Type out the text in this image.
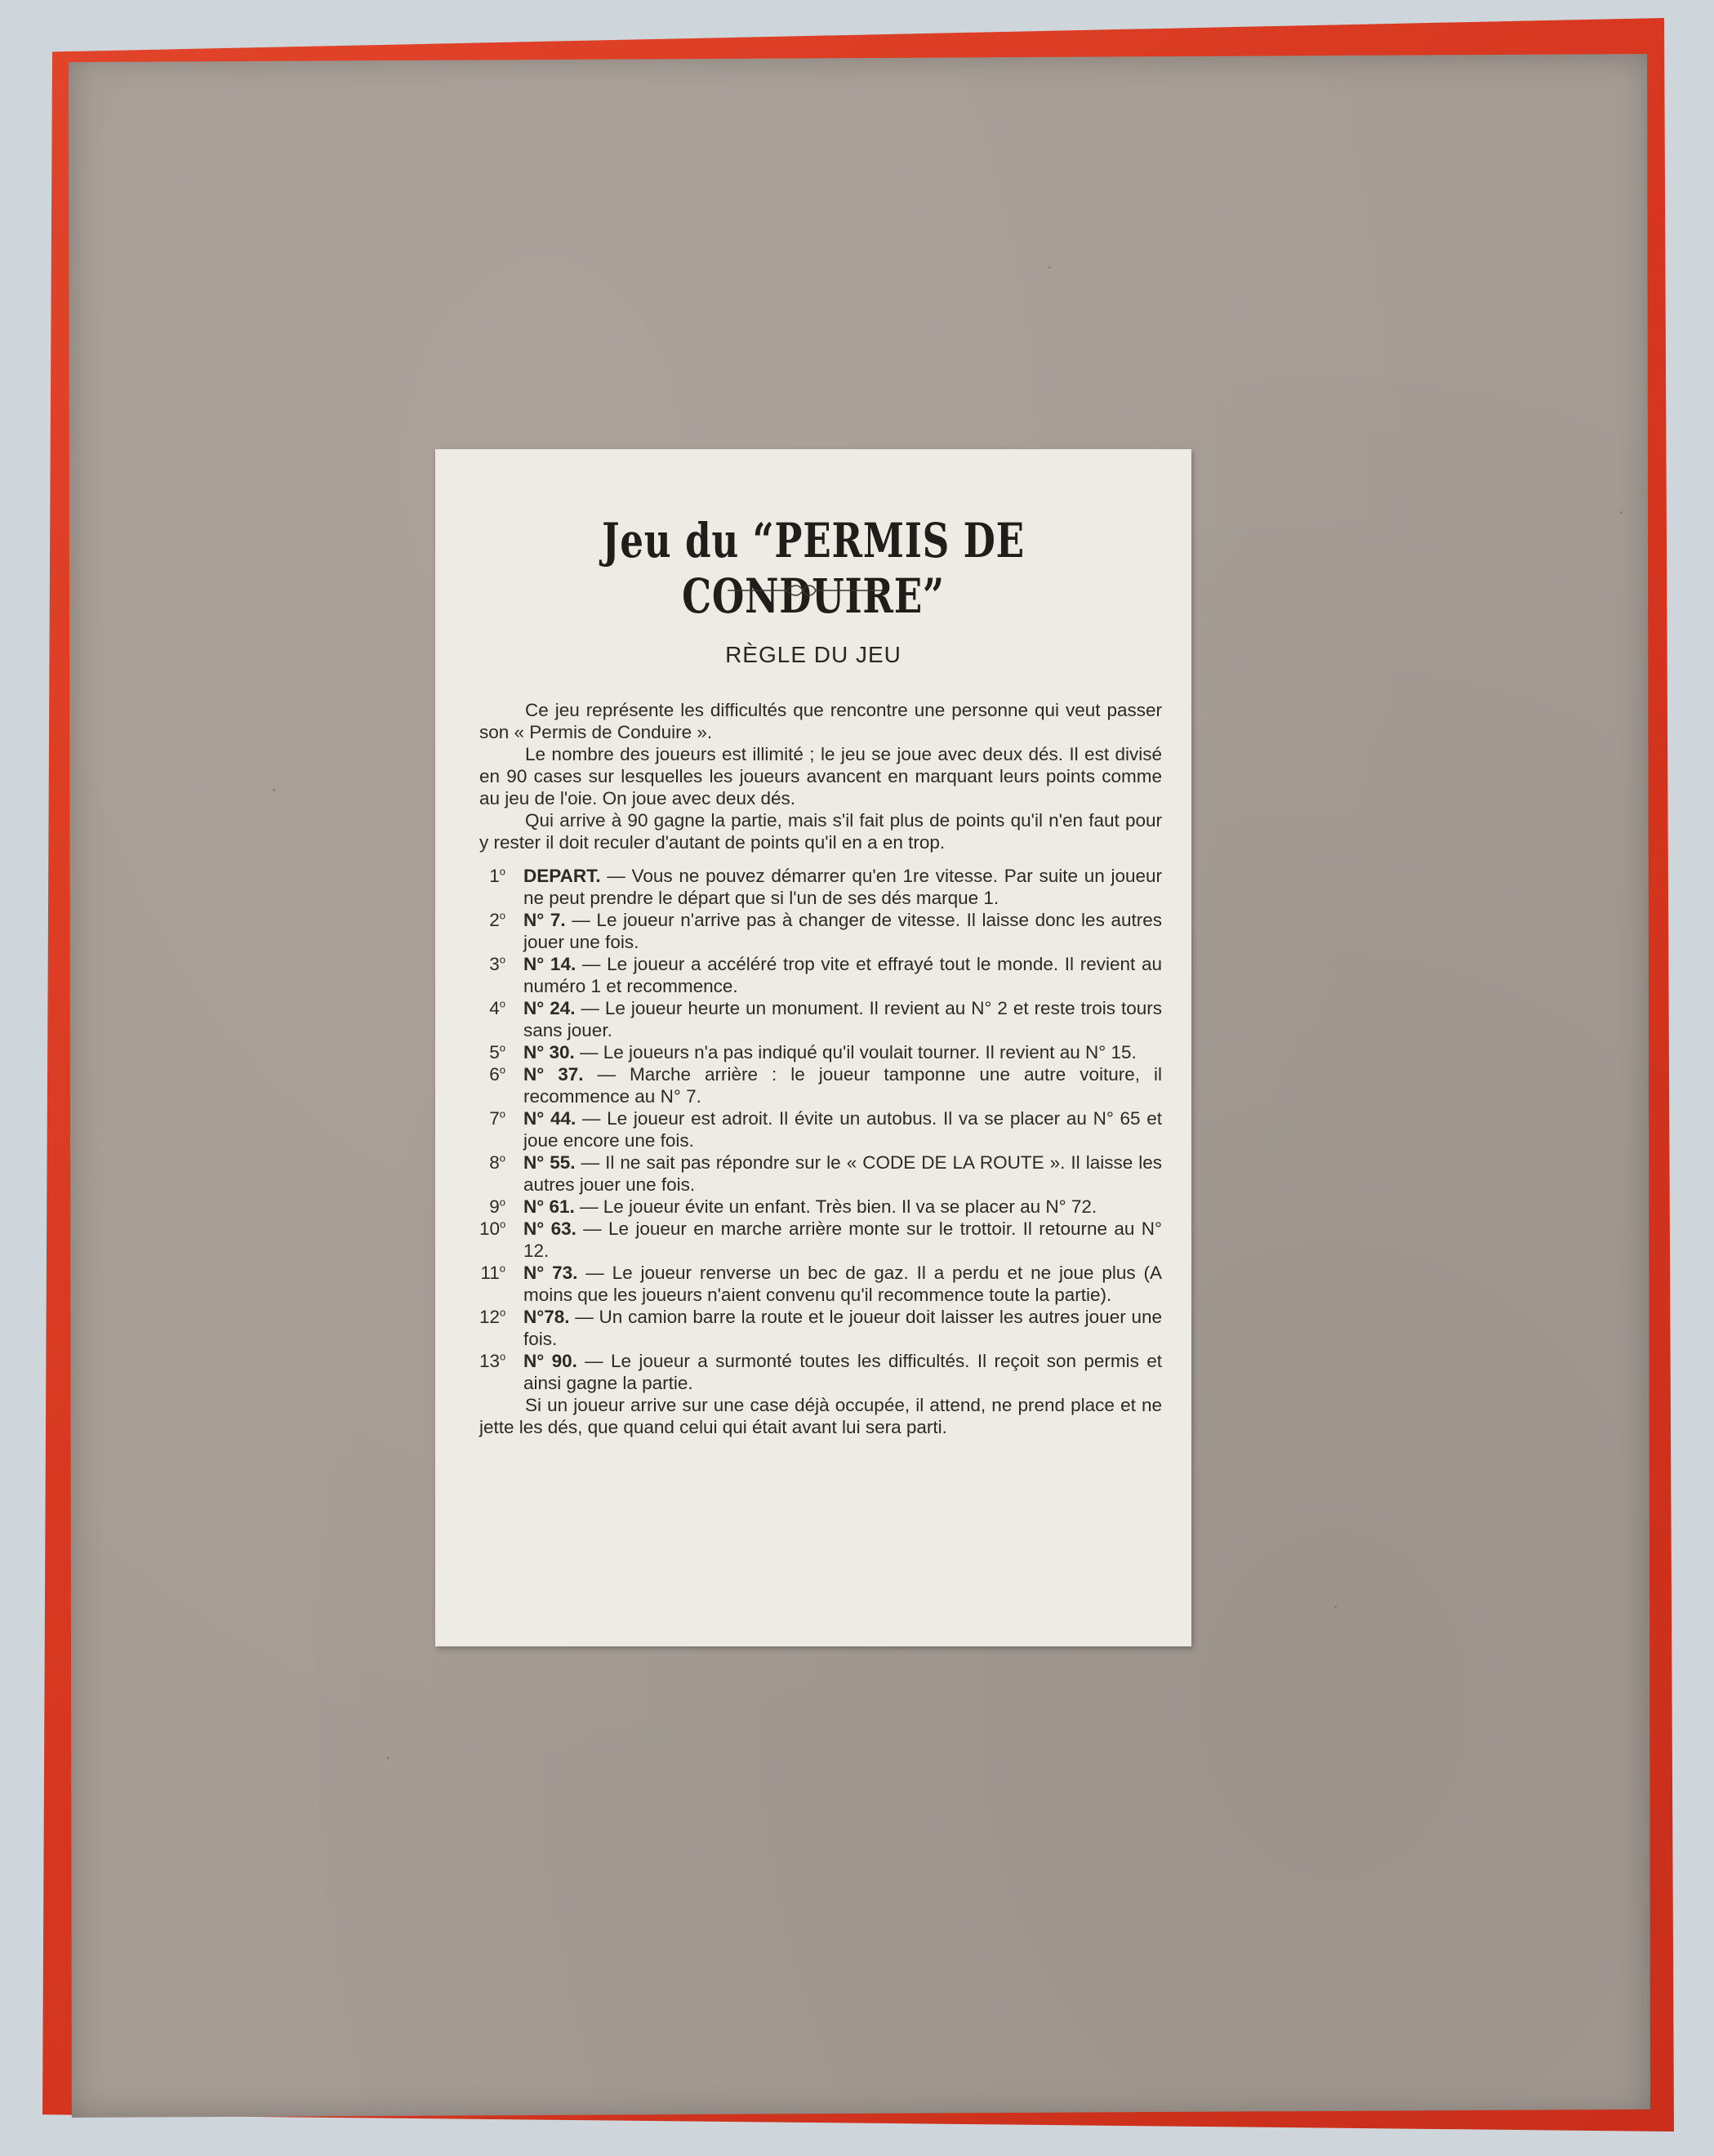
Jeu du “PERMIS DE CONDUIRE”
RÈGLE DU JEU

Ce jeu représente les difficultés que rencontre une personne qui veut passer son « Permis de Conduire ».

Le nombre des joueurs est illimité ; le jeu se joue avec deux dés. Il est divisé en 90 cases sur lesquelles les joueurs avancent en marquant leurs points comme au jeu de l'oie. On joue avec deux dés.

Qui arrive à 90 gagne la partie, mais s'il fait plus de points qu'il n'en faut pour y rester il doit reculer d'autant de points qu'il en a en trop.

1$^o$ DEPART. — Vous ne pouvez démarrer qu'en 1re vitesse. Par suite un joueur ne peut prendre le départ que si l'un de ses dés marque 1.
2$^o$ N° 7. — Le joueur n'arrive pas à changer de vitesse. Il laisse donc les autres jouer une fois.
3$^o$ N° 14. — Le joueur a accéléré trop vite et effrayé tout le monde. Il revient au numéro 1 et recommence.
4$^o$ N° 24. — Le joueur heurte un monument. Il revient au N° 2 et reste trois tours sans jouer.
5$^o$ N° 30. — Le joueurs n'a pas indiqué qu'il voulait tourner. Il revient au N° 15.
6$^o$ N° 37. — Marche arrière : le joueur tamponne une autre voiture, il recommence au N° 7.
7$^o$ N° 44. — Le joueur est adroit. Il évite un autobus. Il va se placer au N° 65 et joue encore une fois.
8$^o$ N° 55. — Il ne sait pas répondre sur le « CODE DE LA ROUTE ». Il laisse les autres jouer une fois.
9$^o$ N° 61. — Le joueur évite un enfant. Très bien. Il va se placer au N° 72.
10$^o$ N° 63. — Le joueur en marche arrière monte sur le trottoir. Il retourne au N° 12.
11$^o$ N° 73. — Le joueur renverse un bec de gaz. Il a perdu et ne joue plus (A moins que les joueurs n'aient convenu qu'il recommence toute la partie).
12$^o$ N°78. — Un camion barre la route et le joueur doit laisser les autres jouer une fois.
13$^o$ N° 90. — Le joueur a surmonté toutes les difficultés. Il reçoit son permis et ainsi gagne la partie.

Si un joueur arrive sur une case déjà occupée, il attend, ne prend place et ne jette les dés, que quand celui qui était avant lui sera parti.
